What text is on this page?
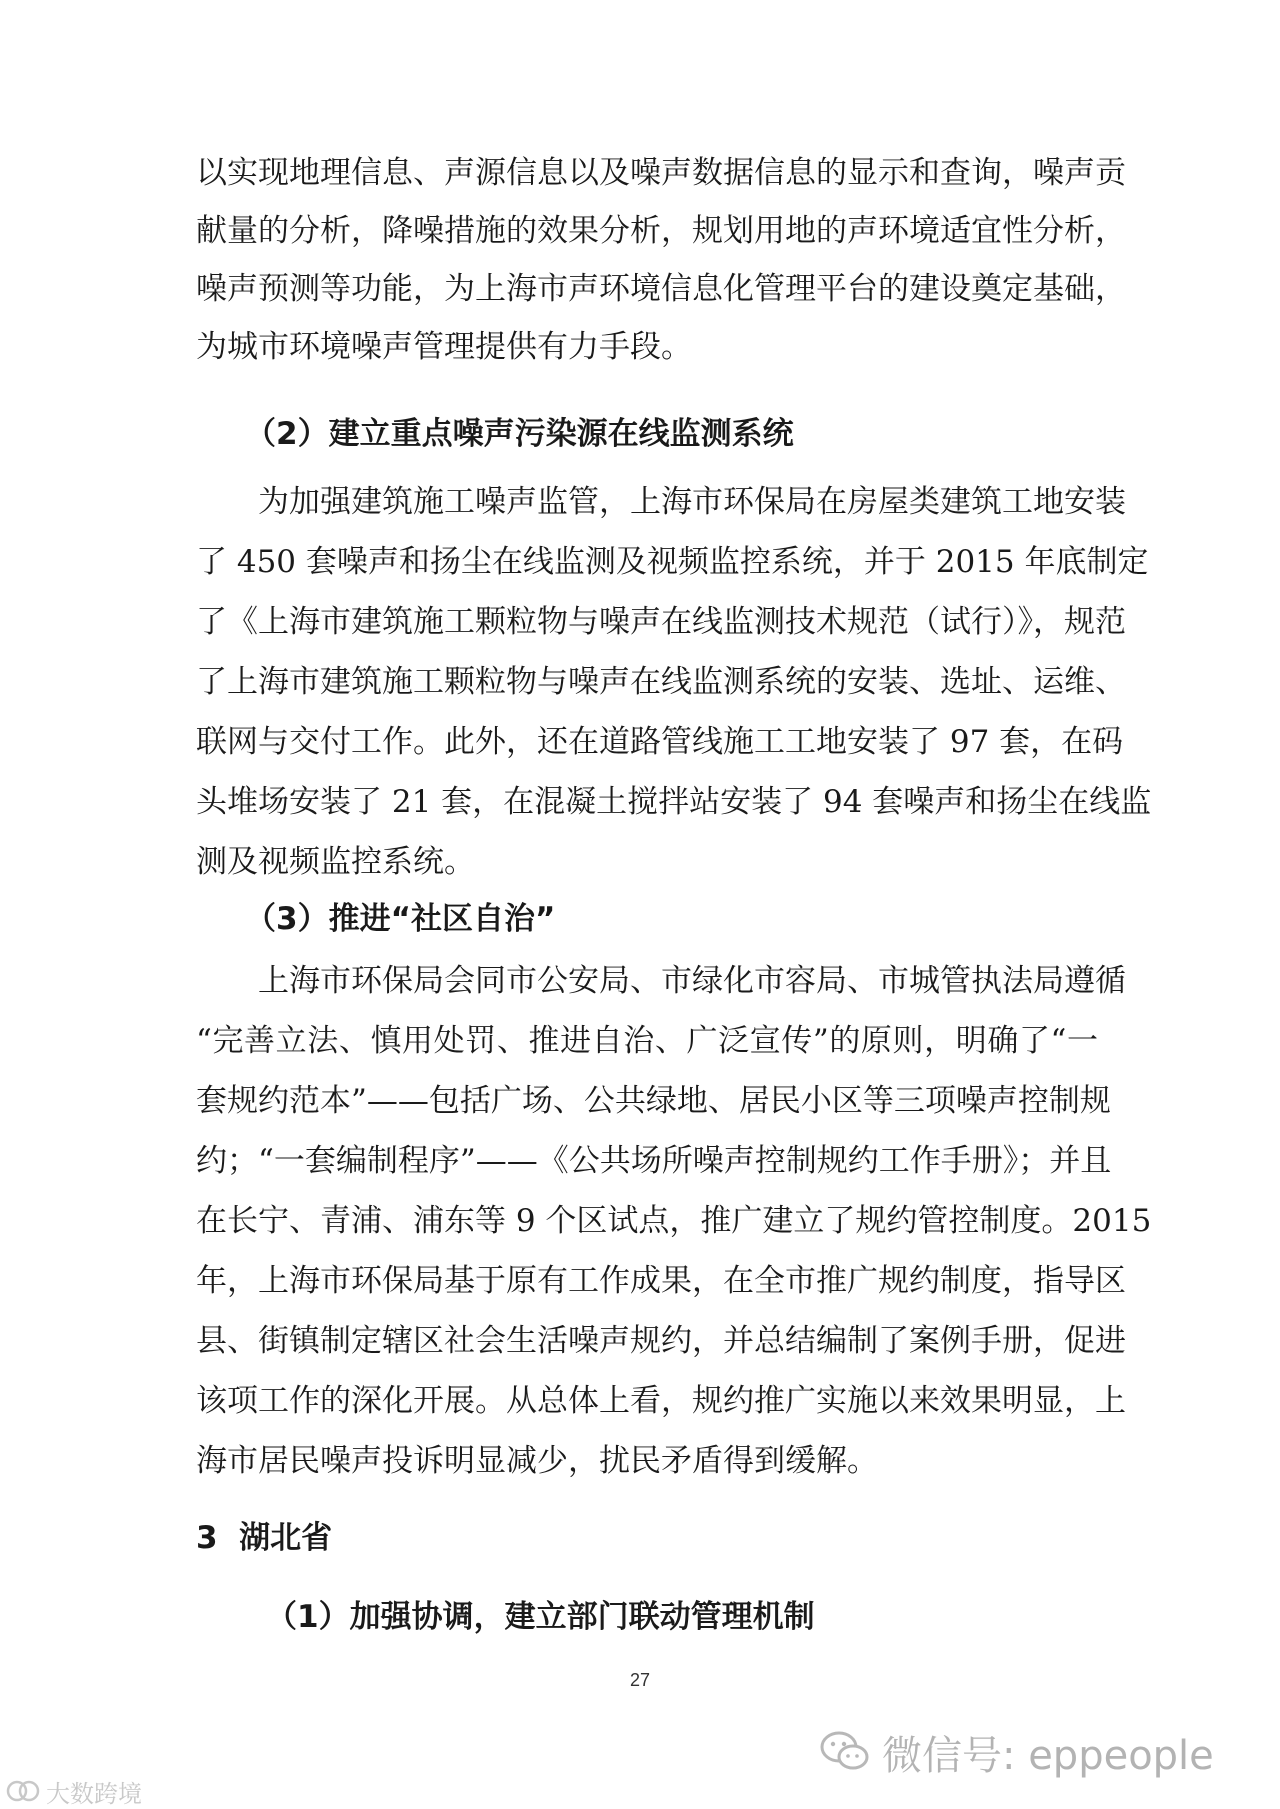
以实现地理信息、声源信息以及噪声数据信息的显示和查询，噪声贡
献量的分析，降噪措施的效果分析，规划用地的声环境适宜性分析，
噪声预测等功能，为上海市声环境信息化管理平台的建设奠定基础，
为城市环境噪声管理提供有力手段。
（2）建立重点噪声污染源在线监测系统
为加强建筑施工噪声监管，上海市环保局在房屋类建筑工地安装
了 450 套噪声和扬尘在线监测及视频监控系统，并于 2015 年底制定
了《上海市建筑施工颗粒物与噪声在线监测技术规范（试行）》，规范
了上海市建筑施工颗粒物与噪声在线监测系统的安装、选址、运维、
联网与交付工作。此外，还在道路管线施工工地安装了 97 套，在码
头堆场安装了 21 套，在混凝土搅拌站安装了 94 套噪声和扬尘在线监
测及视频监控系统。
（3）推进“社区自治”
上海市环保局会同市公安局、市绿化市容局、市城管执法局遵循
“完善立法、慎用处罚、推进自治、广泛宣传”的原则，明确了“一
套规约范本”——包括广场、公共绿地、居民小区等三项噪声控制规
约；“一套编制程序”——《公共场所噪声控制规约工作手册》；并且
在长宁、青浦、浦东等 9 个区试点，推广建立了规约管控制度。2015
年，上海市环保局基于原有工作成果，在全市推广规约制度，指导区
县、街镇制定辖区社会生活噪声规约，并总结编制了案例手册，促进
该项工作的深化开展。从总体上看，规约推广实施以来效果明显，上
海市居民噪声投诉明显减少，扰民矛盾得到缓解。
3  湖北省
（1）加强协调，建立部门联动管理机制
27
微信号: eppeople
大数跨境
